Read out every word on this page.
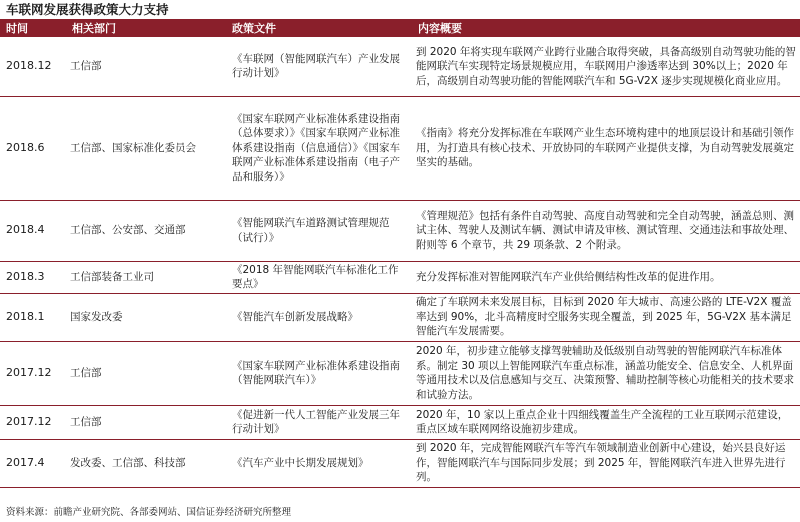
车联网发展获得政策大力支持
时间	相关部门	政策文件	内容概要
2018.12	工信部	《车联网（智能网联汽车）产业发展行动计划》	到 2020 年将实现车联网产业跨行业融合取得突破，具备高级别自动驾驶功能的智能网联汽车实现特定场景规模应用，车联网用户渗透率达到 30%以上；2020 年后，高级别自动驾驶功能的智能网联汽车和 5G-V2X 逐步实现规模化商业应用。
2018.6	工信部、国家标准化委员会	《国家车联网产业标准体系建设指南（总体要求）》《国家车联网产业标准体系建设指南（信息通信）》《国家车联网产业标准体系建设指南（电子产品和服务）》	《指南》将充分发挥标准在车联网产业生态环境构建中的地顶层设计和基础引领作用，为打造具有核心技术、开放协同的车联网产业提供支撑，为自动驾驶发展奠定坚实的基础。
2018.4	工信部、公安部、交通部	《智能网联汽车道路测试管理规范（试行）》	《管理规范》包括有条件自动驾驶、高度自动驾驶和完全自动驾驶，涵盖总则、测试主体、驾驶人及测试车辆、测试申请及审核、测试管理、交通违法和事故处理、附则等 6 个章节，共 29 项条款、2 个附录。
2018.3	工信部装备工业司	《2018 年智能网联汽车标准化工作要点》	充分发挥标准对智能网联汽车产业供给侧结构性改革的促进作用。
2018.1	国家发改委	《智能汽车创新发展战略》	确定了车联网未来发展目标，目标到 2020 年大城市、高速公路的 LTE-V2X 覆盖率达到 90%，北斗高精度时空服务实现全覆盖，到 2025 年，5G-V2X 基本满足智能汽车发展需要。
2017.12	工信部	《国家车联网产业标准体系建设指南（智能网联汽车）》	2020 年，初步建立能够支撑驾驶辅助及低级别自动驾驶的智能网联汽车标准体系。制定 30 项以上智能网联汽车重点标准，涵盖功能安全、信息安全、人机界面等通用技术以及信息感知与交互、决策预警、辅助控制等核心功能相关的技术要求和试验方法。
2017.12	工信部	《促进新一代人工智能产业发展三年行动计划》	2020 年，10 家以上重点企业十四细线覆盖生产全流程的工业互联网示范建设，重点区域车联网网络设施初步建成。
2017.4	发改委、工信部、科技部	《汽车产业中长期发展规划》	到 2020 年，完成智能网联汽车等汽车领域制造业创新中心建设，始兴县良好运作，智能网联汽车与国际同步发展；到 2025 年，智能网联汽车进入世界先进行列。
资料来源：前瞻产业研究院、各部委网站、国信证券经济研究所整理
